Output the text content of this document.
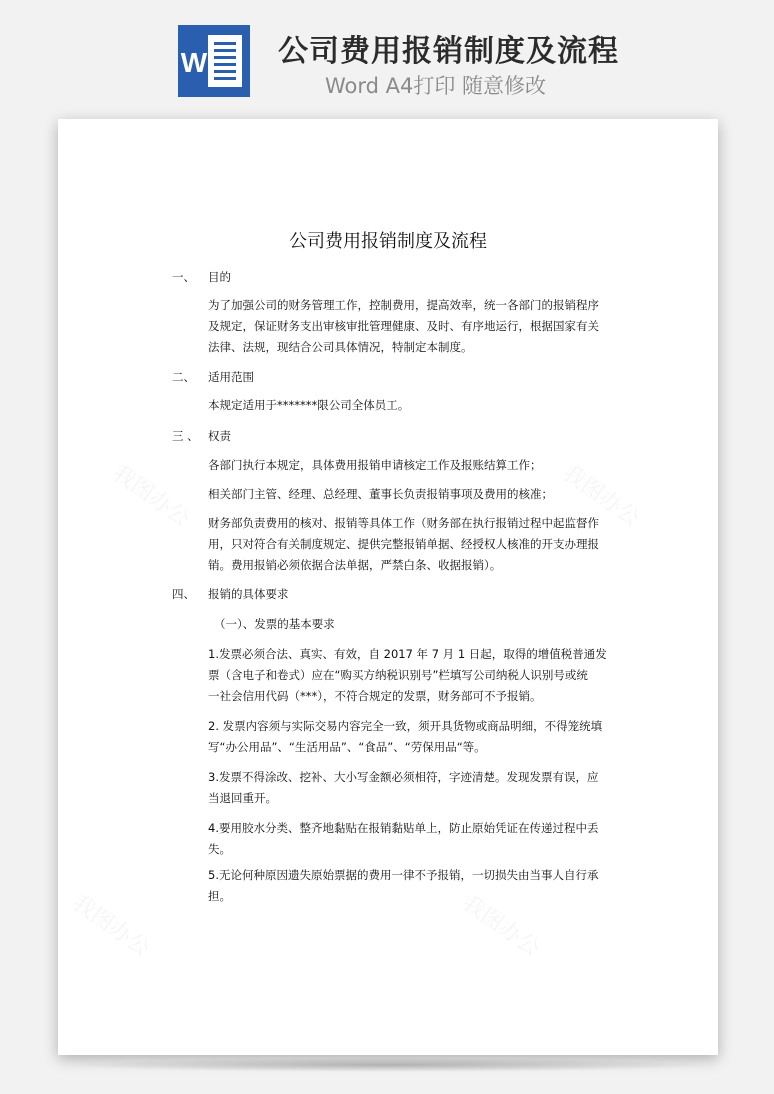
W 公司费用报销制度及流程
Word A4打印 随意修改
公司费用报销制度及流程
一、 目的
为了加强公司的财务管理工作，控制费用，提高效率，统一各部门的报销程序
及规定，保证财务支出审核审批管理健康、及时、有序地运行，根据国家有关
法律、法规，现结合公司具体情况，特制定本制度。
二、 适用范围
本规定适用于*******限公司全体员工。
三 、 权责
各部门执行本规定，具体费用报销申请核定工作及报账结算工作；
相关部门主管、经理、总经理、董事长负责报销事项及费用的核准；
财务部负责费用的核对、报销等具体工作（财务部在执行报销过程中起监督作
用，只对符合有关制度规定、提供完整报销单据、经授权人核准的开支办理报
销。费用报销必须依据合法单据，严禁白条、收据报销）。
四、 报销的具体要求
（一）、发票的基本要求
1.发票必须合法、真实、有效，自 2017 年 7 月 1 日起，取得的增值税普通发
票（含电子和卷式）应在“购买方纳税识别号”栏填写公司纳税人识别号或统
一社会信用代码（***），不符合规定的发票，财务部可不予报销。
2. 发票内容须与实际交易内容完全一致，须开具货物或商品明细，不得笼统填
写“办公用品”、“生活用品”、“食品”、“劳保用品“等。
3.发票不得涂改、挖补、大小写金额必须相符，字迹清楚。发现发票有误，应
当退回重开。
4.要用胶水分类、整齐地黏贴在报销黏贴单上，防止原始凭证在传递过程中丢
失。
5.无论何种原因遗失原始票据的费用一律不予报销，一切损失由当事人自行承
担。
